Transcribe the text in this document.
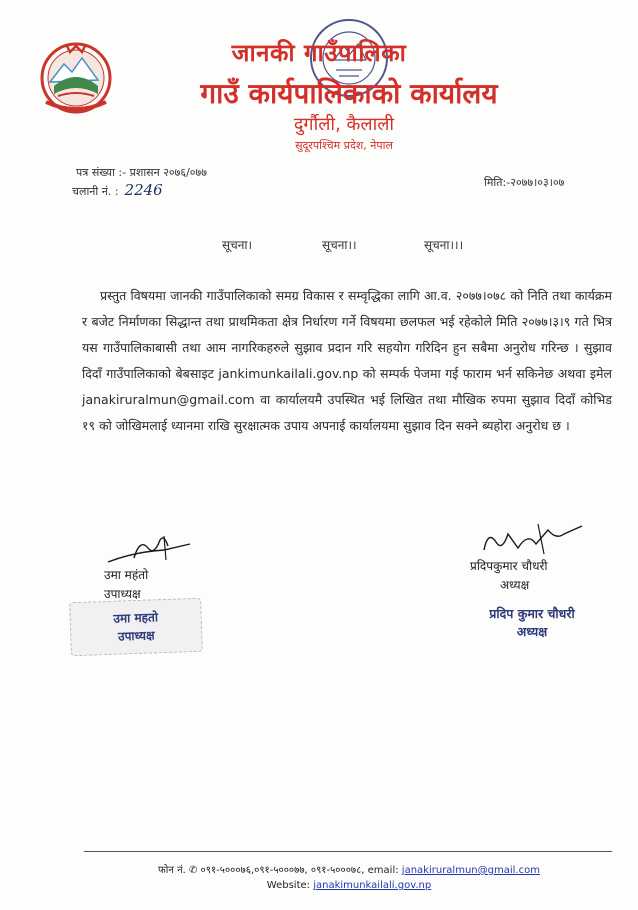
जानकी गाउँपालिका
गाउँ कार्यपालिकाको कार्यालय
दुर्गौली, कैलाली
सुदूरपश्चिम प्रदेश, नेपाल
पत्र संख्या :- प्रशासन २०७६/०७७
चलानी नं. : 2246	मिति:-२०७७।०३।०७
सूचना।	सूचना।।	सूचना।।।
प्रस्तुत विषयमा जानकी गाउँपालिकाको समग्र विकास र सम्वृद्धिका लागि आ.व. २०७७।०७८ को निति तथा कार्यक्रम र बजेट निर्माणका सिद्धान्त तथा प्राथमिकता क्षेत्र निर्धारण गर्ने विषयमा छलफल भई रहेकोले मिति २०७७।३।९ गते भित्र यस गाउँपालिकाबासी तथा आम नागरिकहरुले सुझाव प्रदान गरि सहयोग गरिदिन हुन सबैमा अनुरोध गरिन्छ । सुझाव दिदाँ गाउँपालिकाको बेबसाइट jankimunkailali.gov.np को सम्पर्क पेजमा गई फाराम भर्न सकिनेछ अथवा इमेल janakiruralmun@gmail.com वा कार्यालयमै उपस्थित भई लिखित तथा मौखिक रुपमा सुझाव दिदाँ कोभिड १९ को जोखिमलाई ध्यानमा राखि सुरक्षात्मक उपाय अपनाई कार्यालयमा सुझाव दिन सक्ने ब्यहोरा अनुरोध छ ।
उमा महंतो
उपाध्यक्ष
उमा महतो
उपाध्यक्ष
प्रदिपकुमार चौधरी
अध्यक्ष
प्रदिप कुमार चौधरी
अध्यक्ष
फोन नं. ✆ ०९१-५०००७६,०९१-५०००७७, ०९१-५०००७८, email: janakiruralmun@gmail.com
Website: janakimunkailali.gov.np
